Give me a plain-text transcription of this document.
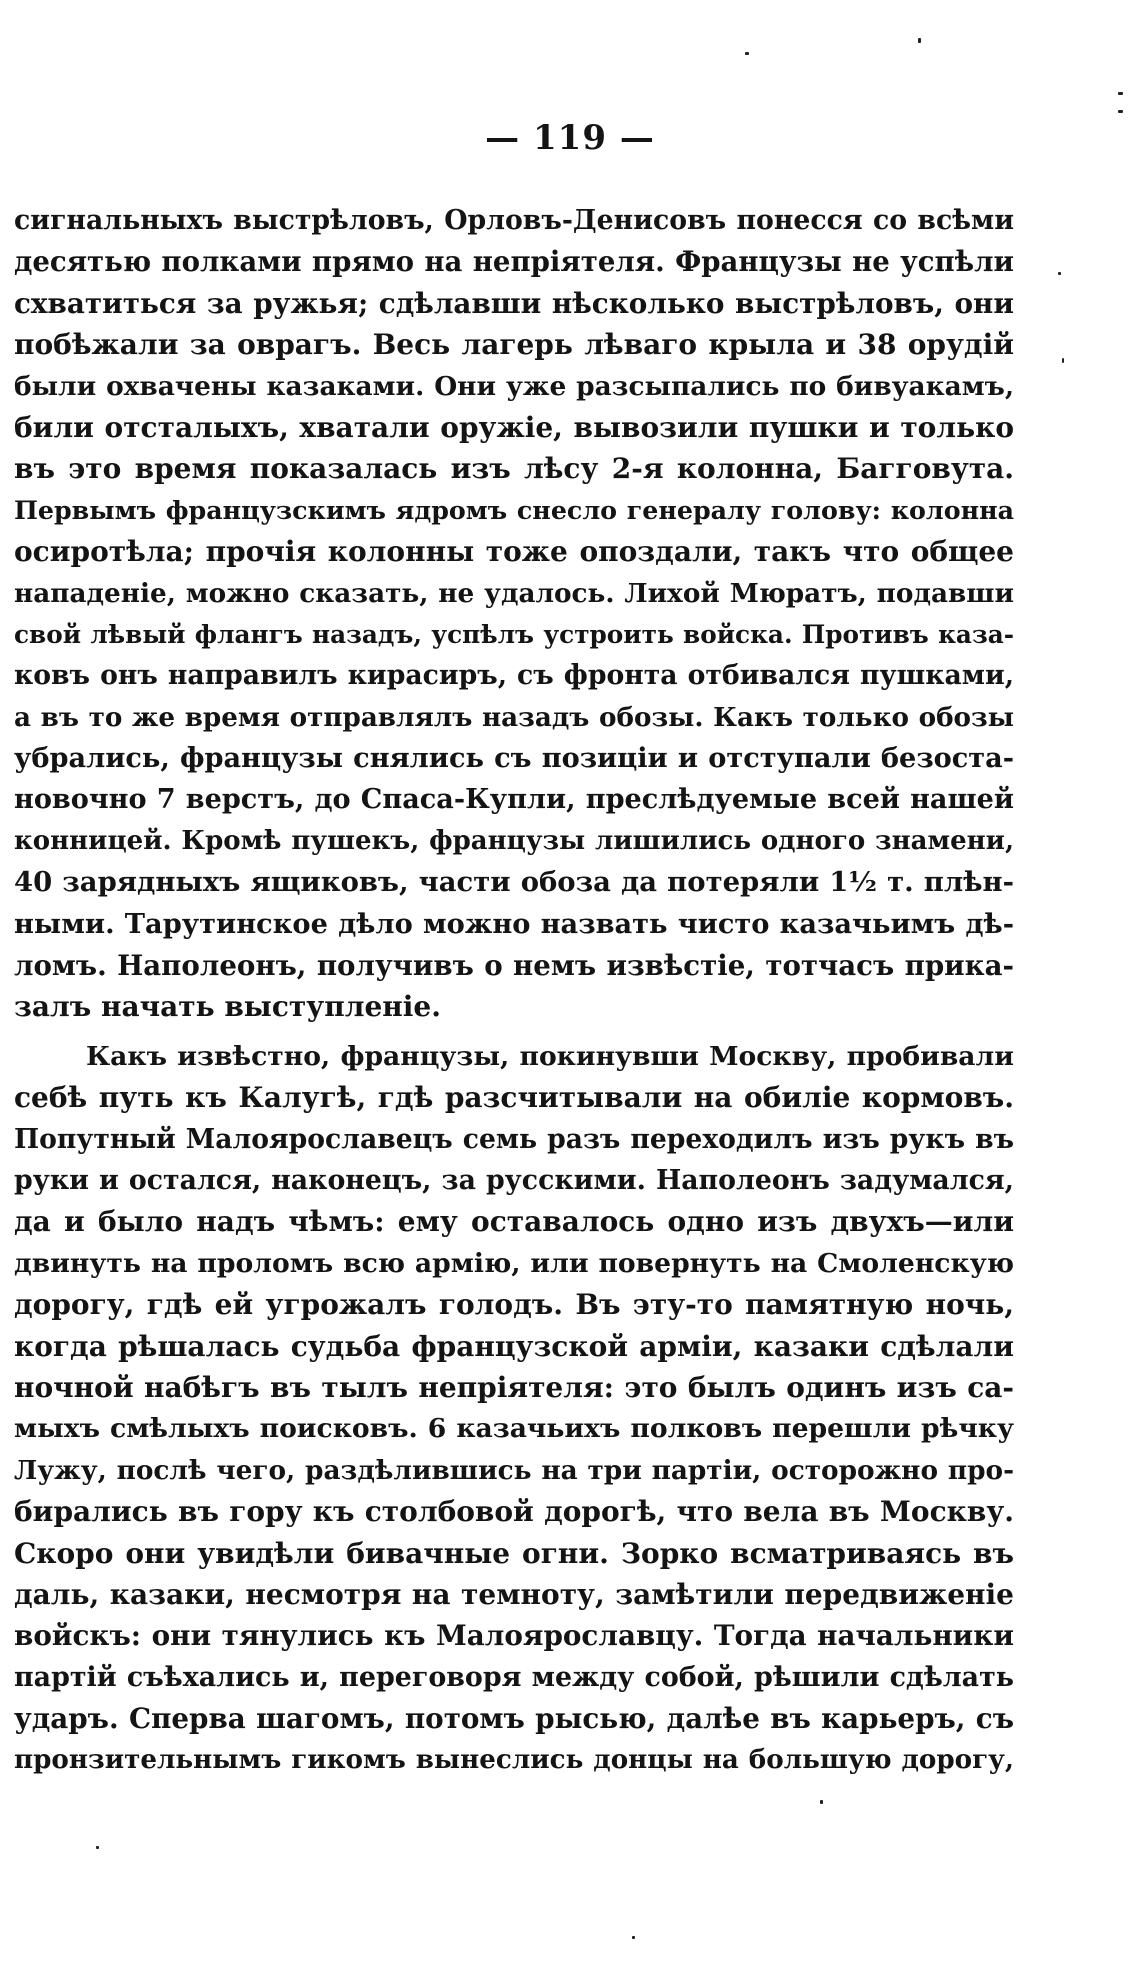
— 119 —
сигнальныхъ выстрѣловъ, Орловъ-Денисовъ понесся со всѣми
десятью полками прямо на непріятеля. Французы не успѣли
схватиться за ружья; сдѣлавши нѣсколько выстрѣловъ, они
побѣжали за оврагъ. Весь лагерь лѣваго крыла и 38 орудій
были охвачены казаками. Они уже разсыпались по бивуакамъ,
били отсталыхъ, хватали оружіе, вывозили пушки и только
въ это время показалась изъ лѣсу 2-я колонна, Багговута.
Первымъ французскимъ ядромъ снесло генералу голову: колонна
осиротѣла; прочія колонны тоже опоздали, такъ что общее
нападеніе, можно сказать, не удалось. Лихой Мюратъ, подавши
свой лѣвый флангъ назадъ, успѣлъ устроить войска. Противъ каза-
ковъ онъ направилъ кирасиръ, съ фронта отбивался пушками,
а въ то же время отправлялъ назадъ обозы. Какъ только обозы
убрались, французы снялись съ позиціи и отступали безоста-
новочно 7 верстъ, до Спаса-Купли, преслѣдуемые всей нашей
конницей. Кромѣ пушекъ, французы лишились одного знамени,
40 зарядныхъ ящиковъ, части обоза да потеряли 1½ т. плѣн-
ными. Тарутинское дѣло можно назвать чисто казачьимъ дѣ-
ломъ. Наполеонъ, получивъ о немъ извѣстіе, тотчасъ прика-
залъ начать выступленіе.
Какъ извѣстно, французы, покинувши Москву, пробивали
себѣ путь къ Калугѣ, гдѣ разсчитывали на обиліе кормовъ.
Попутный Малоярославецъ семь разъ переходилъ изъ рукъ въ
руки и остался, наконецъ, за русскими. Наполеонъ задумался,
да и было надъ чѣмъ: ему оставалось одно изъ двухъ—или
двинуть на проломъ всю армію, или повернуть на Смоленскую
дорогу, гдѣ ей угрожалъ голодъ. Въ эту-то памятную ночь,
когда рѣшалась судьба французской арміи, казаки сдѣлали
ночной набѣгъ въ тылъ непріятеля: это былъ одинъ изъ са-
мыхъ смѣлыхъ поисковъ. 6 казачьихъ полковъ перешли рѣчку
Лужу, послѣ чего, раздѣлившись на три партіи, осторожно про-
бирались въ гору къ столбовой дорогѣ, что вела въ Москву.
Скоро они увидѣли бивачные огни. Зорко всматриваясь въ
даль, казаки, несмотря на темноту, замѣтили передвиженіе
войскъ: они тянулись къ Малоярославцу. Тогда начальники
партій съѣхались и, переговоря между собой, рѣшили сдѣлать
ударъ. Сперва шагомъ, потомъ рысью, далѣе въ карьеръ, съ
пронзительнымъ гикомъ вынеслись донцы на большую дорогу,
